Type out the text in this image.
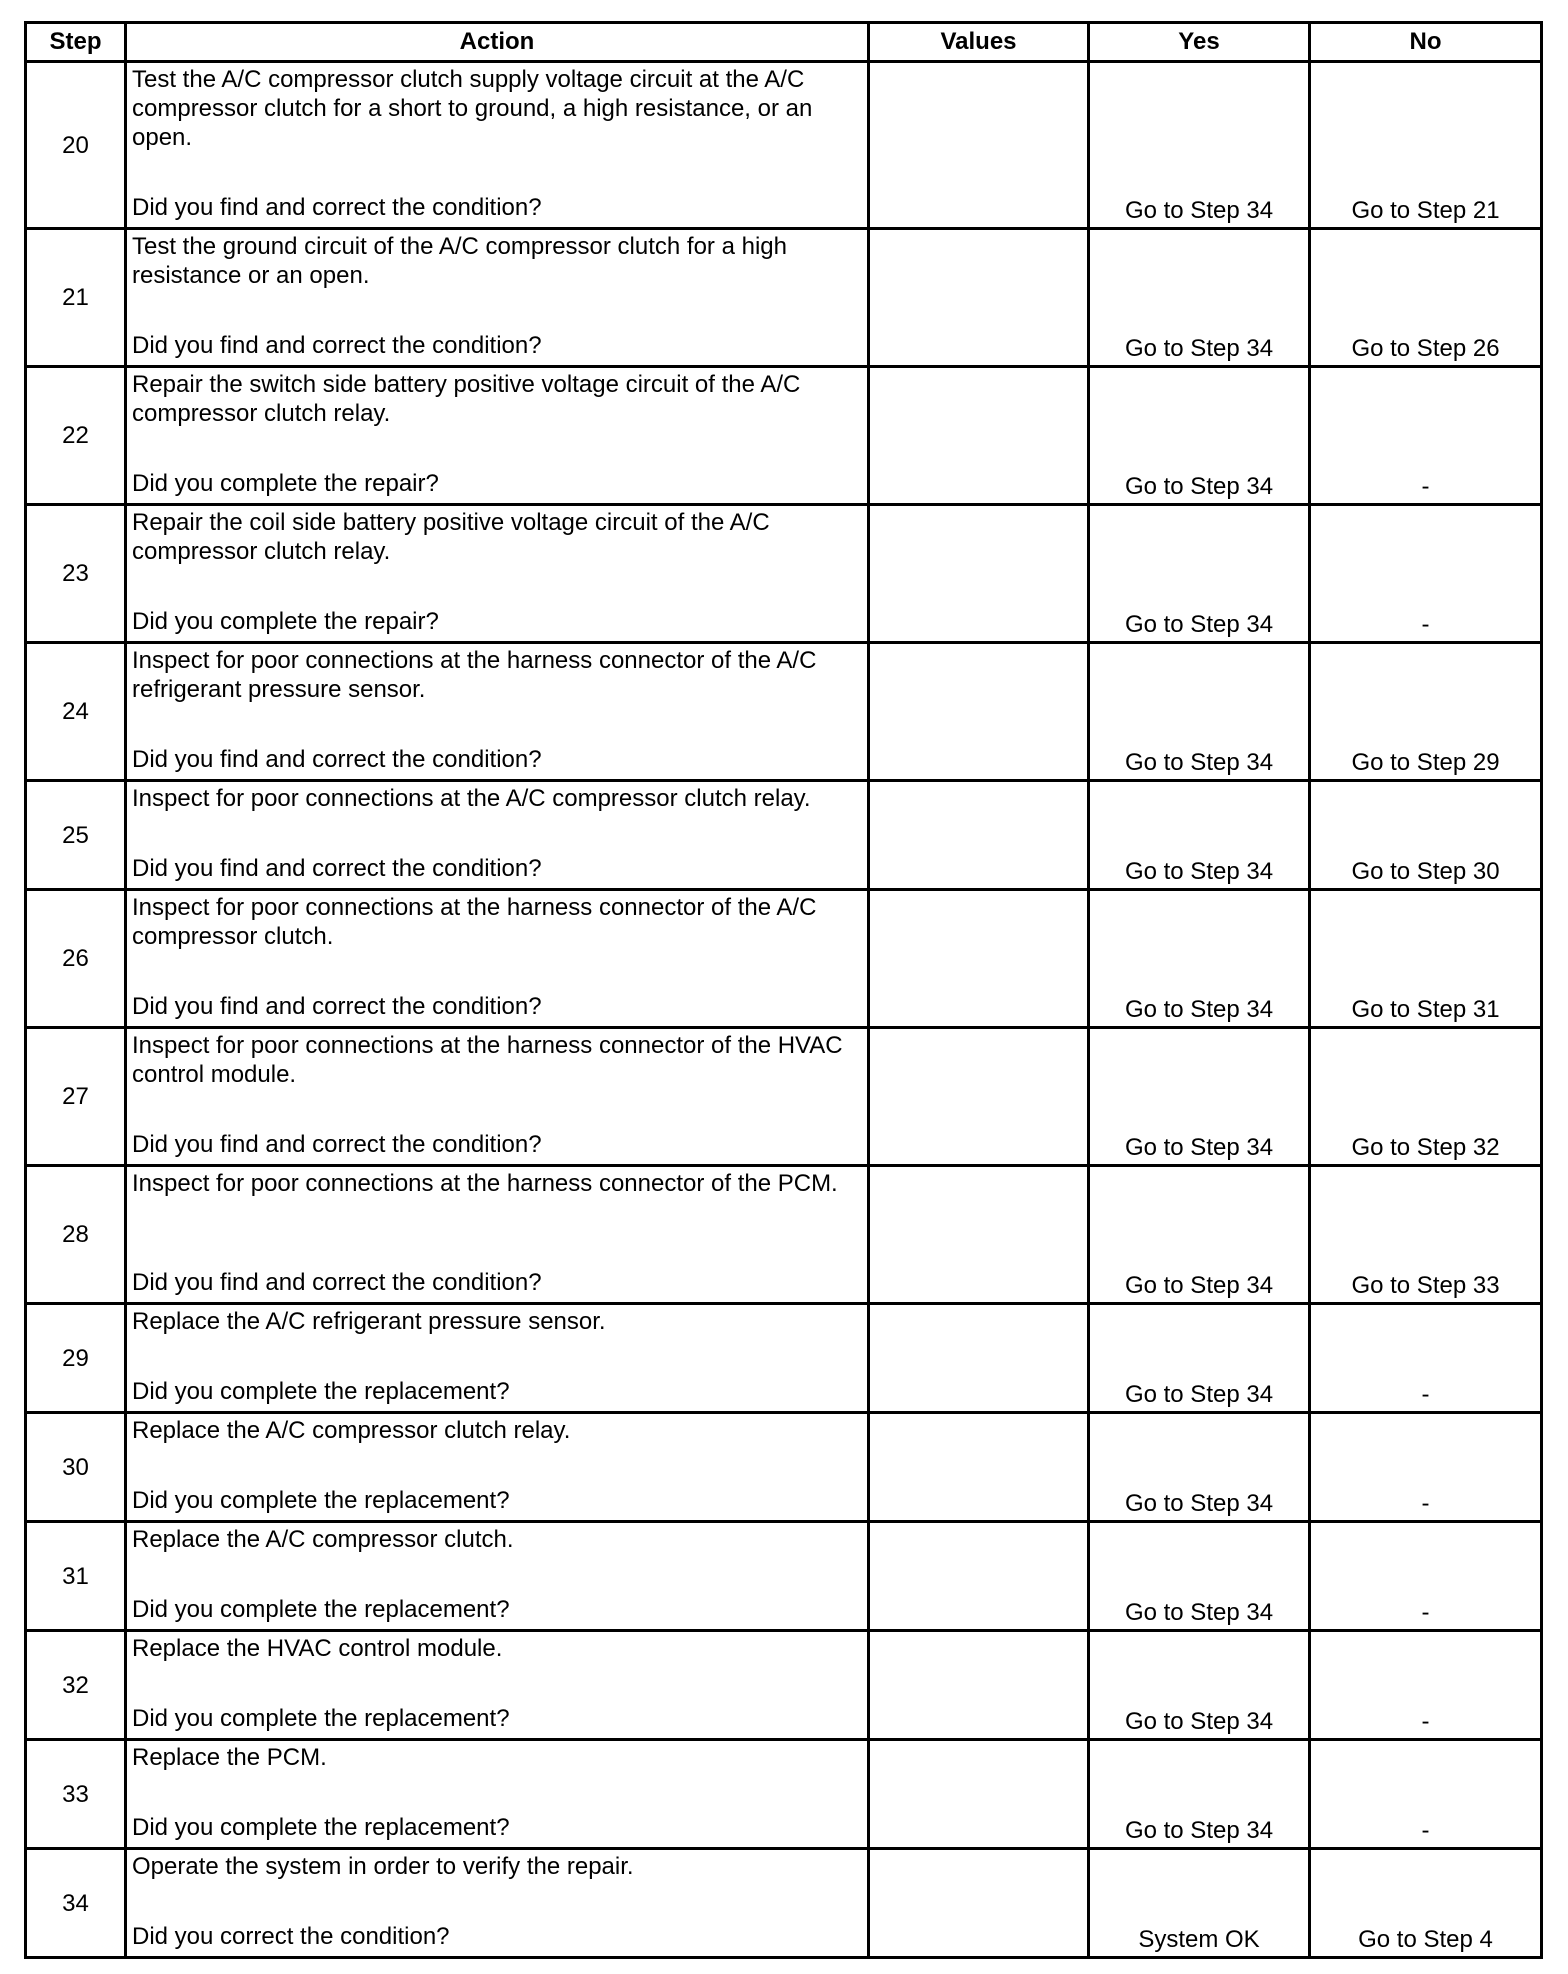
Step	Action	Values	Yes	No
20	Test the A/C compressor clutch supply voltage circuit at the A/C compressor clutch for a short to ground, a high resistance, or an open.
Did you find and correct the condition?		Go to Step 34	Go to Step 21
21	Test the ground circuit of the A/C compressor clutch for a high resistance or an open.
Did you find and correct the condition?		Go to Step 34	Go to Step 26
22	Repair the switch side battery positive voltage circuit of the A/C compressor clutch relay.
Did you complete the repair?		Go to Step 34	-
23	Repair the coil side battery positive voltage circuit of the A/C compressor clutch relay.
Did you complete the repair?		Go to Step 34	-
24	Inspect for poor connections at the harness connector of the A/C refrigerant pressure sensor.
Did you find and correct the condition?		Go to Step 34	Go to Step 29
25	Inspect for poor connections at the A/C compressor clutch relay.
Did you find and correct the condition?		Go to Step 34	Go to Step 30
26	Inspect for poor connections at the harness connector of the A/C compressor clutch.
Did you find and correct the condition?		Go to Step 34	Go to Step 31
27	Inspect for poor connections at the harness connector of the HVAC control module.
Did you find and correct the condition?		Go to Step 34	Go to Step 32
28	Inspect for poor connections at the harness connector of the PCM.
Did you find and correct the condition?		Go to Step 34	Go to Step 33
29	Replace the A/C refrigerant pressure sensor.
Did you complete the replacement?		Go to Step 34	-
30	Replace the A/C compressor clutch relay.
Did you complete the replacement?		Go to Step 34	-
31	Replace the A/C compressor clutch.
Did you complete the replacement?		Go to Step 34	-
32	Replace the HVAC control module.
Did you complete the replacement?		Go to Step 34	-
33	Replace the PCM.
Did you complete the replacement?		Go to Step 34	-
34	Operate the system in order to verify the repair.
Did you correct the condition?		System OK	Go to Step 4
